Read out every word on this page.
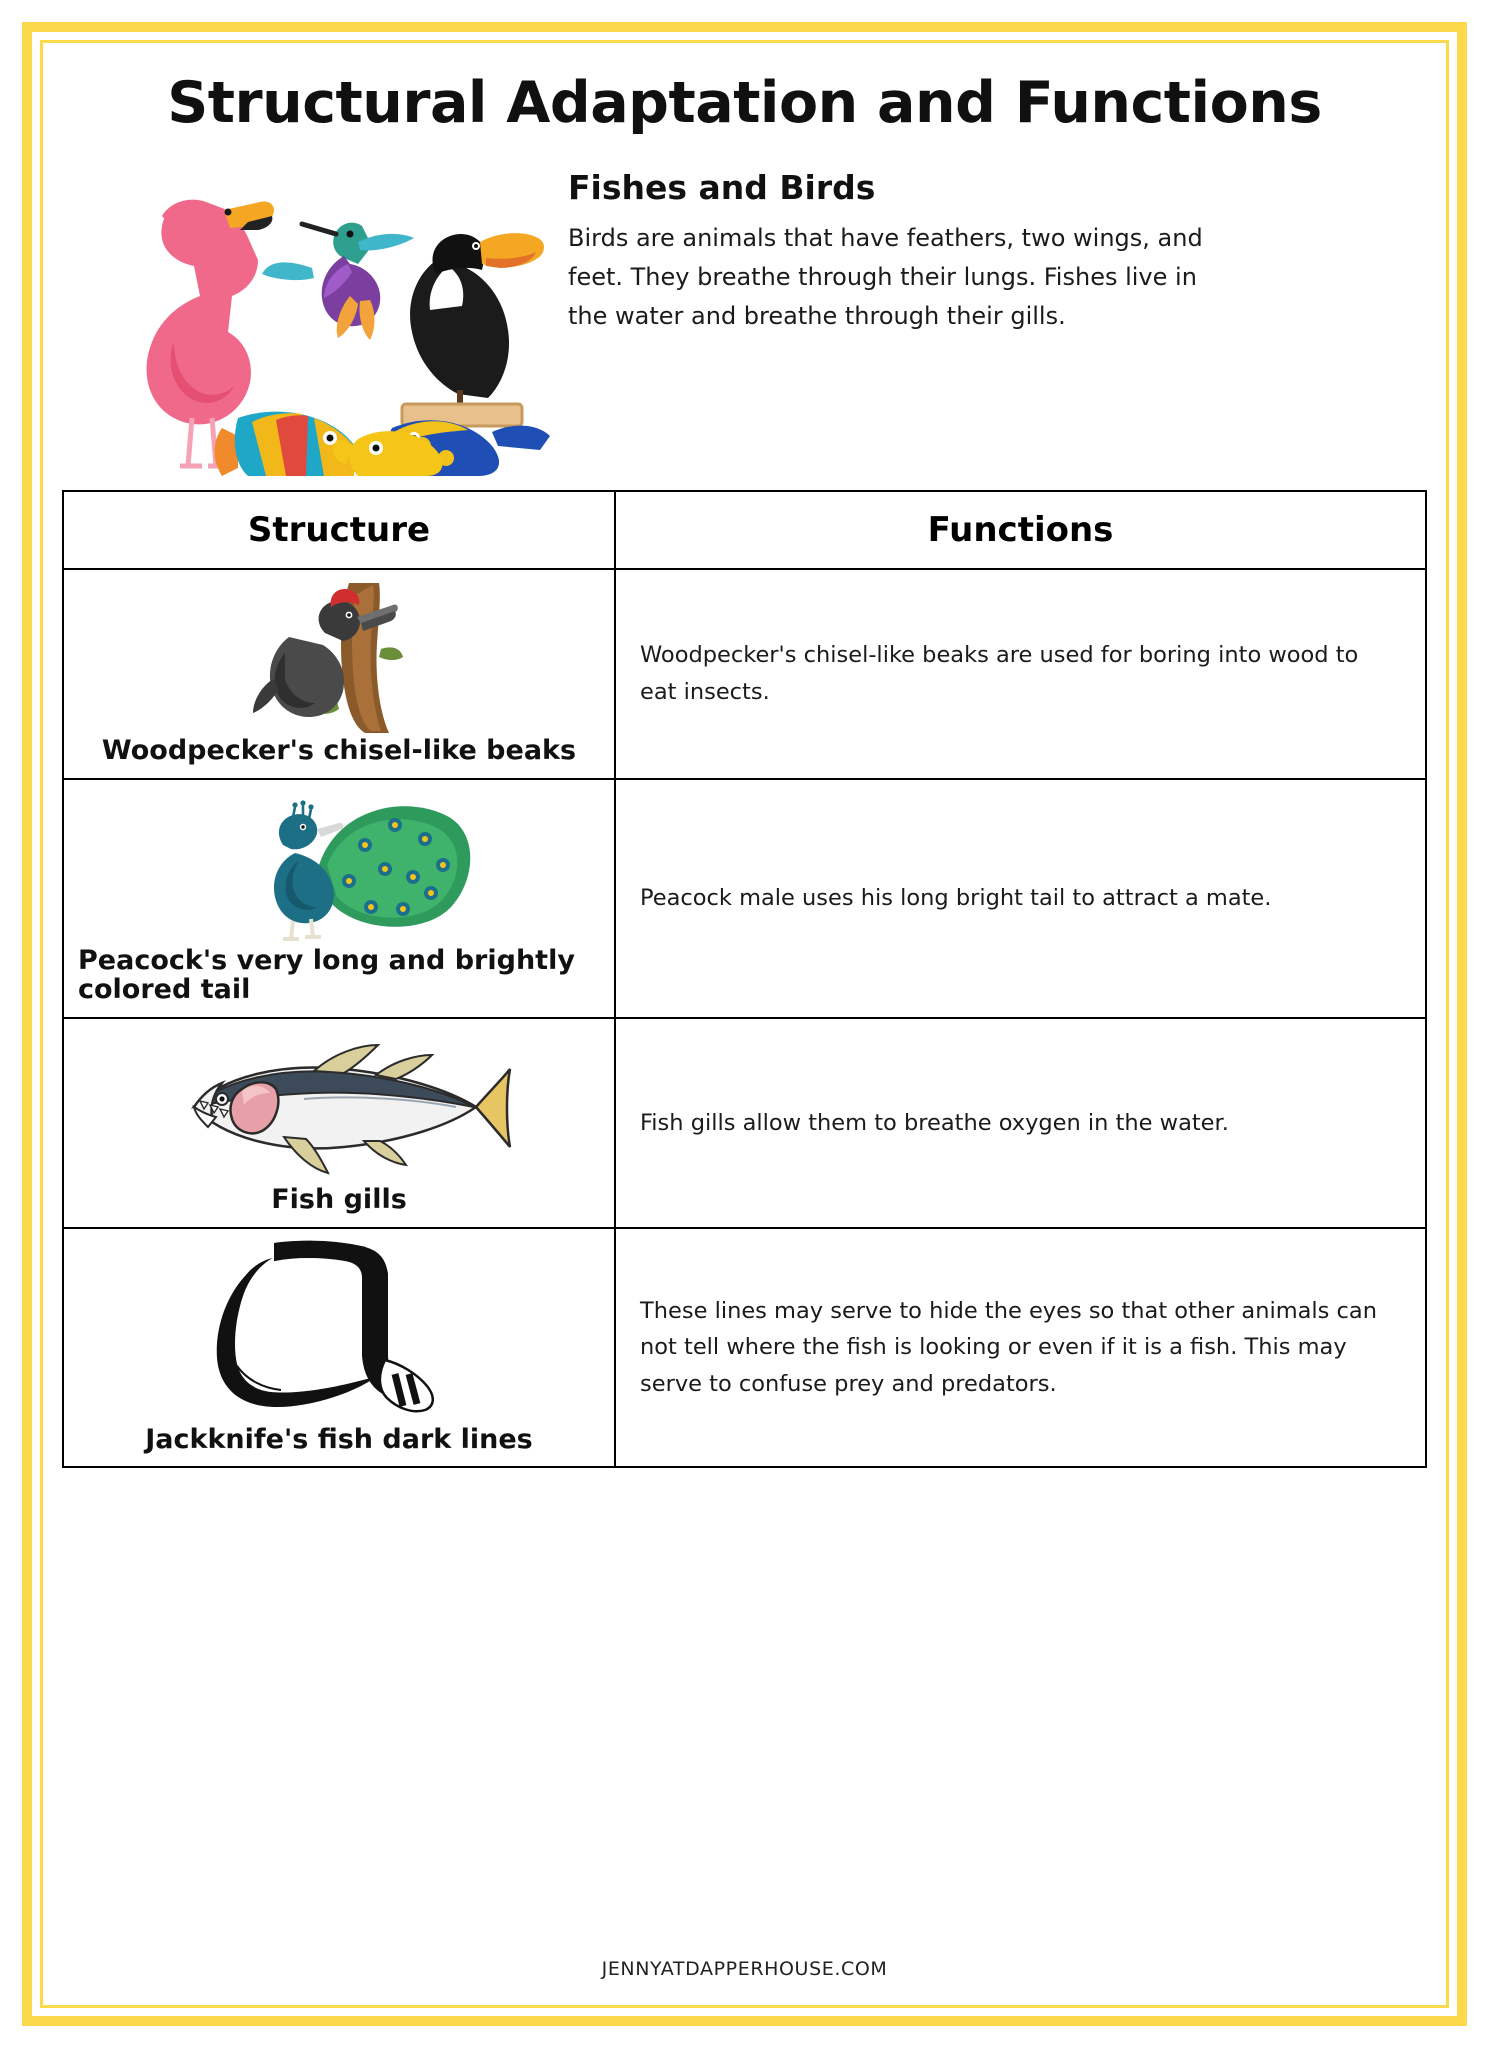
Structural Adaptation and Functions
Fishes and Birds
Birds are animals that have feathers, two wings, and feet. They breathe through their lungs. Fishes live in the water and breathe through their gills.
Structure	Functions

Woodpecker's chisel-like beaks	Woodpecker's chisel-like beaks are used for boring into wood to eat insects.

Peacock's very long and brightly colored tail	Peacock male uses his long bright tail to attract a mate.

Fish gills	Fish gills allow them to breathe oxygen in the water.

Jackknife's fish dark lines	These lines may serve to hide the eyes so that other animals can not tell where the fish is looking or even if it is a fish. This may serve to confuse prey and predators.
JENNYATDAPPERHOUSE.COM
